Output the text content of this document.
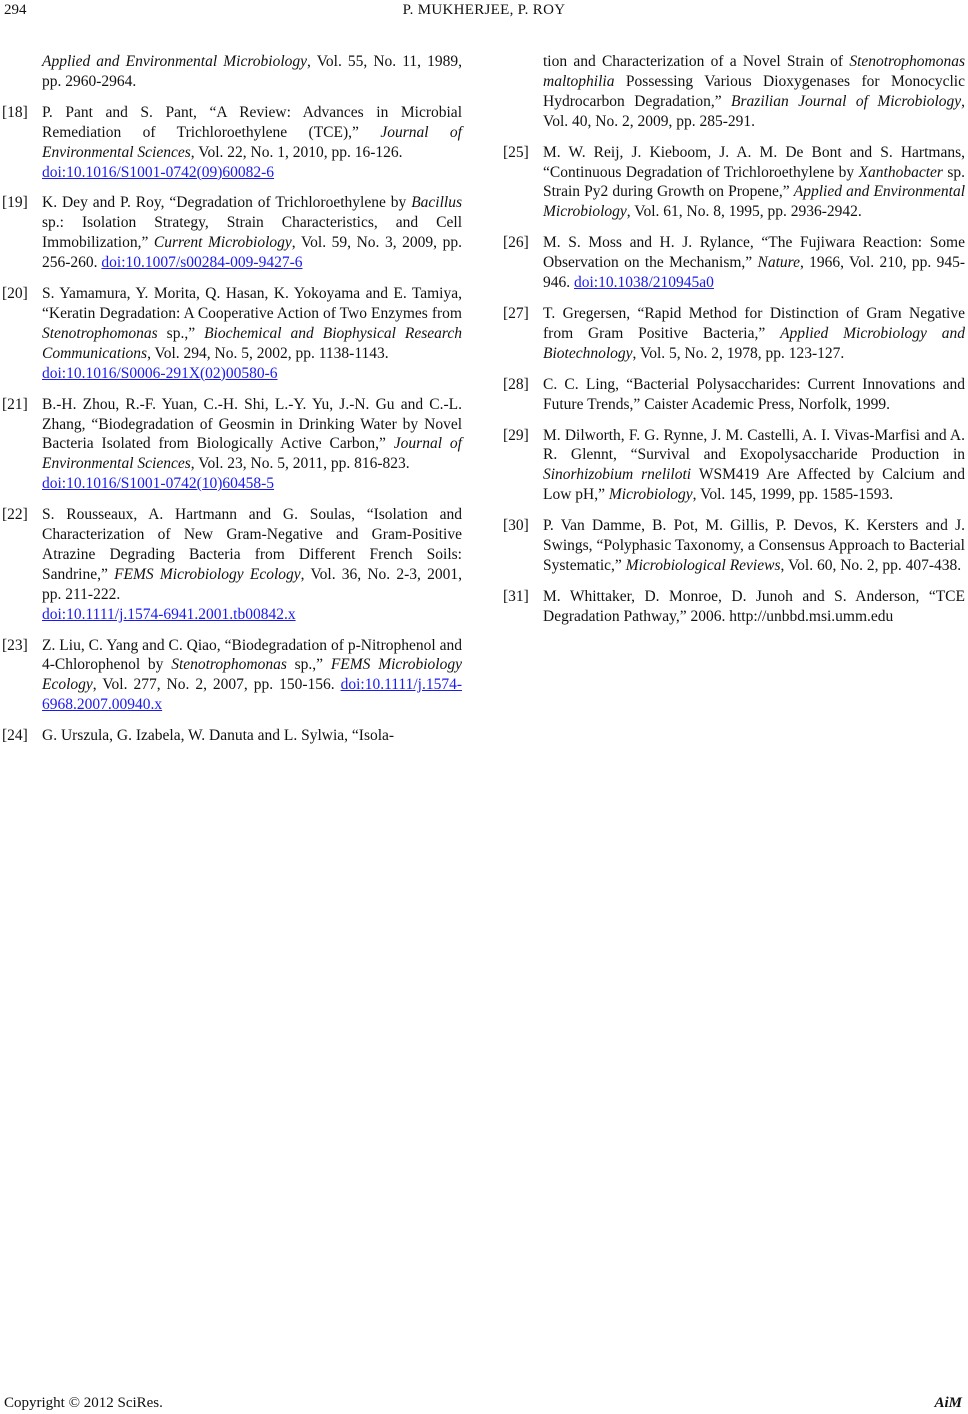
294	P. MUKHERJEE, P. ROY
Applied and Environmental Microbiology, Vol. 55, No. 11, 1989, pp. 2960-2964.
[18] P. Pant and S. Pant, “A Review: Advances in Microbial Remediation of Trichloroethylene (TCE),” Journal of Environmental Sciences, Vol. 22, No. 1, 2010, pp. 16-126.
doi:10.1016/S1001-0742(09)60082-6
[19] K. Dey and P. Roy, “Degradation of Trichloroethylene by Bacillus sp.: Isolation Strategy, Strain Characteristics, and Cell Immobilization,” Current Microbiology, Vol. 59, No. 3, 2009, pp. 256-260. doi:10.1007/s00284-009-9427-6
[20] S. Yamamura, Y. Morita, Q. Hasan, K. Yokoyama and E. Tamiya, “Keratin Degradation: A Cooperative Action of Two Enzymes from Stenotrophomonas sp.,” Biochemical and Biophysical Research Communications, Vol. 294, No. 5, 2002, pp. 1138-1143.
doi:10.1016/S0006-291X(02)00580-6
[21] B.-H. Zhou, R.-F. Yuan, C.-H. Shi, L.-Y. Yu, J.-N. Gu and C.-L. Zhang, “Biodegradation of Geosmin in Drinking Water by Novel Bacteria Isolated from Biologically Active Carbon,” Journal of Environmental Sciences, Vol. 23, No. 5, 2011, pp. 816-823.
doi:10.1016/S1001-0742(10)60458-5
[22] S. Rousseaux, A. Hartmann and G. Soulas, “Isolation and Characterization of New Gram-Negative and Gram-Positive Atrazine Degrading Bacteria from Different French Soils: Sandrine,” FEMS Microbiology Ecology, Vol. 36, No. 2-3, 2001, pp. 211-222.
doi:10.1111/j.1574-6941.2001.tb00842.x
[23] Z. Liu, C. Yang and C. Qiao, “Biodegradation of p-Nitrophenol and 4-Chlorophenol by Stenotrophomonas sp.,” FEMS Microbiology Ecology, Vol. 277, No. 2, 2007, pp. 150-156. doi:10.1111/j.1574-6968.2007.00940.x
[24] G. Urszula, G. Izabela, W. Danuta and L. Sylwia, “Isola-
tion and Characterization of a Novel Strain of Stenotrophomonas maltophilia Possessing Various Dioxygenases for Monocyclic Hydrocarbon Degradation,” Brazilian Journal of Microbiology, Vol. 40, No. 2, 2009, pp. 285-291.
[25] M. W. Reij, J. Kieboom, J. A. M. De Bont and S. Hartmans, “Continuous Degradation of Trichloroethylene by Xanthobacter sp. Strain Py2 during Growth on Propene,” Applied and Environmental Microbiology, Vol. 61, No. 8, 1995, pp. 2936-2942.
[26] M. S. Moss and H. J. Rylance, “The Fujiwara Reaction: Some Observation on the Mechanism,” Nature, 1966, Vol. 210, pp. 945-946. doi:10.1038/210945a0
[27] T. Gregersen, “Rapid Method for Distinction of Gram Negative from Gram Positive Bacteria,” Applied Microbiology and Biotechnology, Vol. 5, No. 2, 1978, pp. 123-127.
[28] C. C. Ling, “Bacterial Polysaccharides: Current Innovations and Future Trends,” Caister Academic Press, Norfolk, 1999.
[29] M. Dilworth, F. G. Rynne, J. M. Castelli, A. I. Vivas-Marfisi and A. R. Glennt, “Survival and Exopolysaccharide Production in Sinorhizobium rneliloti WSM419 Are Affected by Calcium and Low pH,” Microbiology, Vol. 145, 1999, pp. 1585-1593.
[30] P. Van Damme, B. Pot, M. Gillis, P. Devos, K. Kersters and J. Swings, “Polyphasic Taxonomy, a Consensus Approach to Bacterial Systematic,” Microbiological Reviews, Vol. 60, No. 2, pp. 407-438.
[31] M. Whittaker, D. Monroe, D. Junoh and S. Anderson, “TCE Degradation Pathway,” 2006. http://unbbd.msi.umm.edu
Copyright © 2012 SciRes.	AiM
